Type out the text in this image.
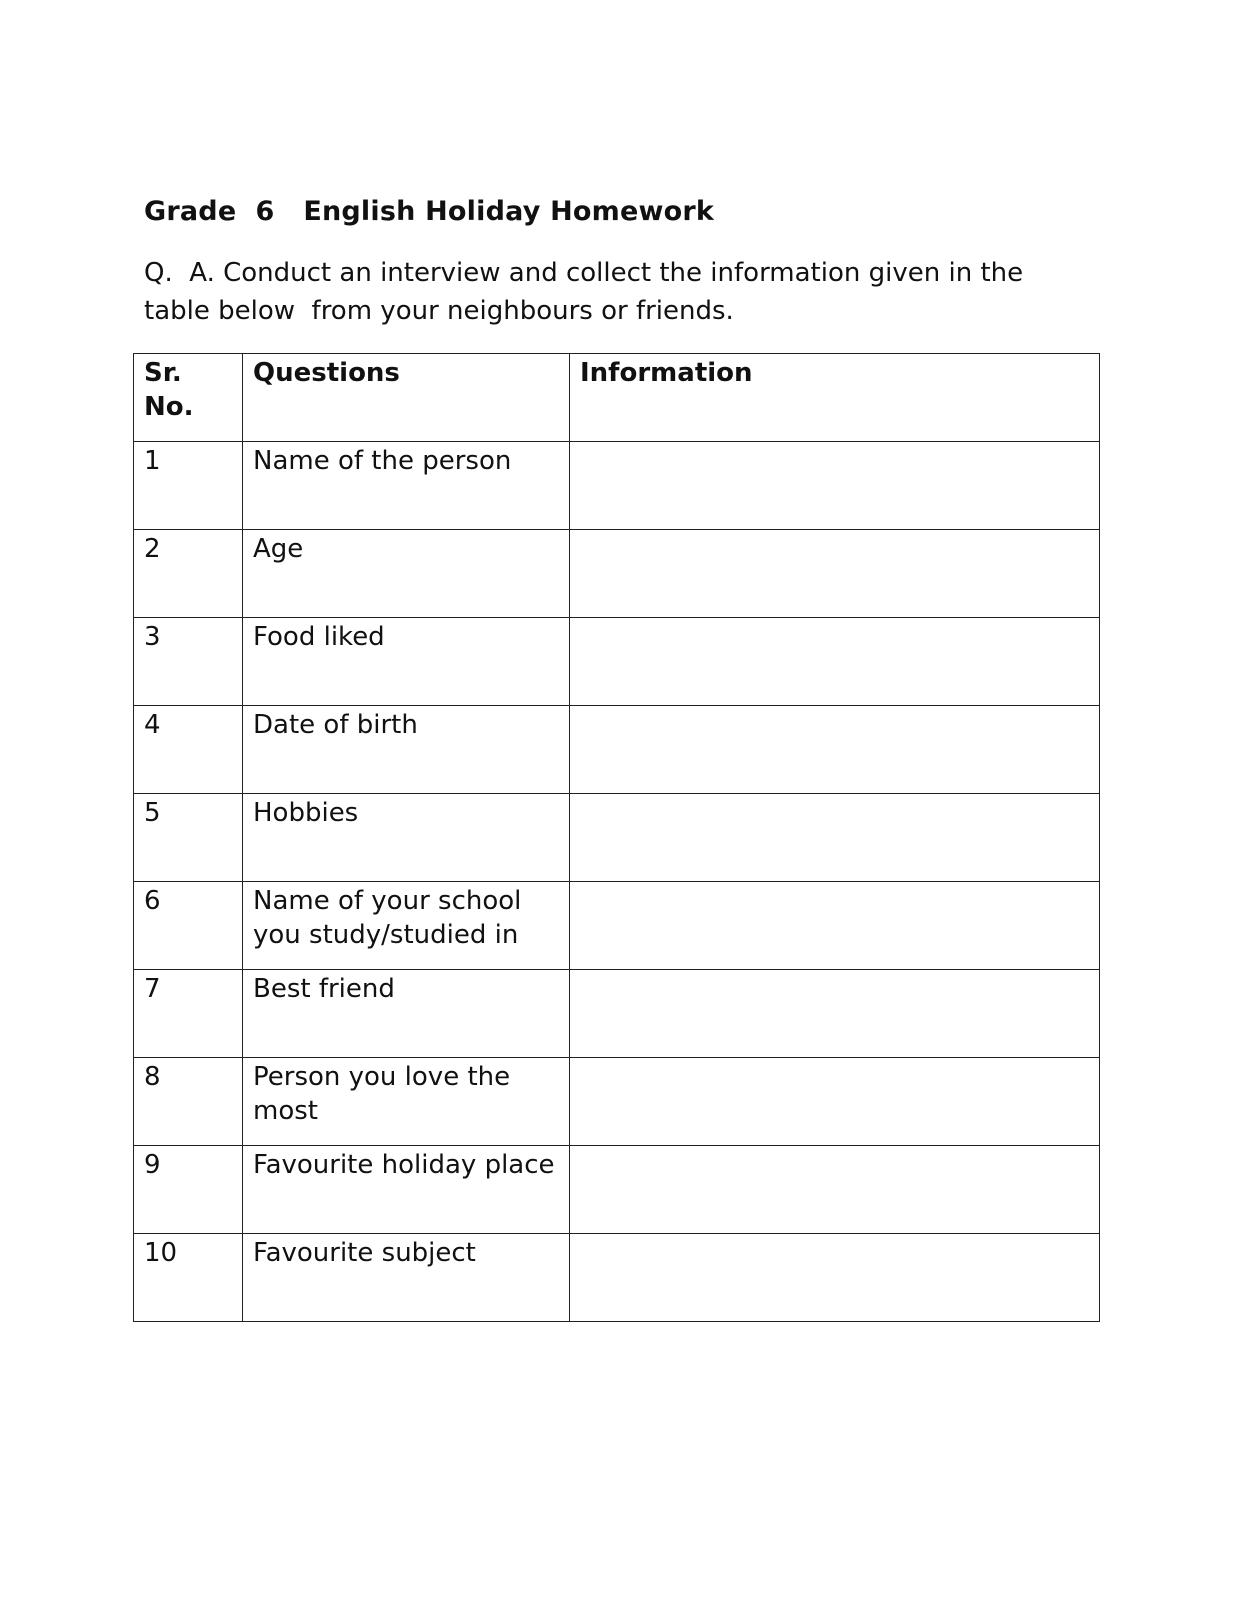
Grade  6   English Holiday Homework
Q.  A. Conduct an interview and collect the information given in the table below  from your neighbours or friends.
Sr. No.	Questions	Information
1	Name of the person	
2	Age	
3	Food liked	
4	Date of birth	
5	Hobbies	
6	Name of your school you study/studied in	
7	Best friend	
8	Person you love the most	
9	Favourite holiday place	
10	Favourite subject	
